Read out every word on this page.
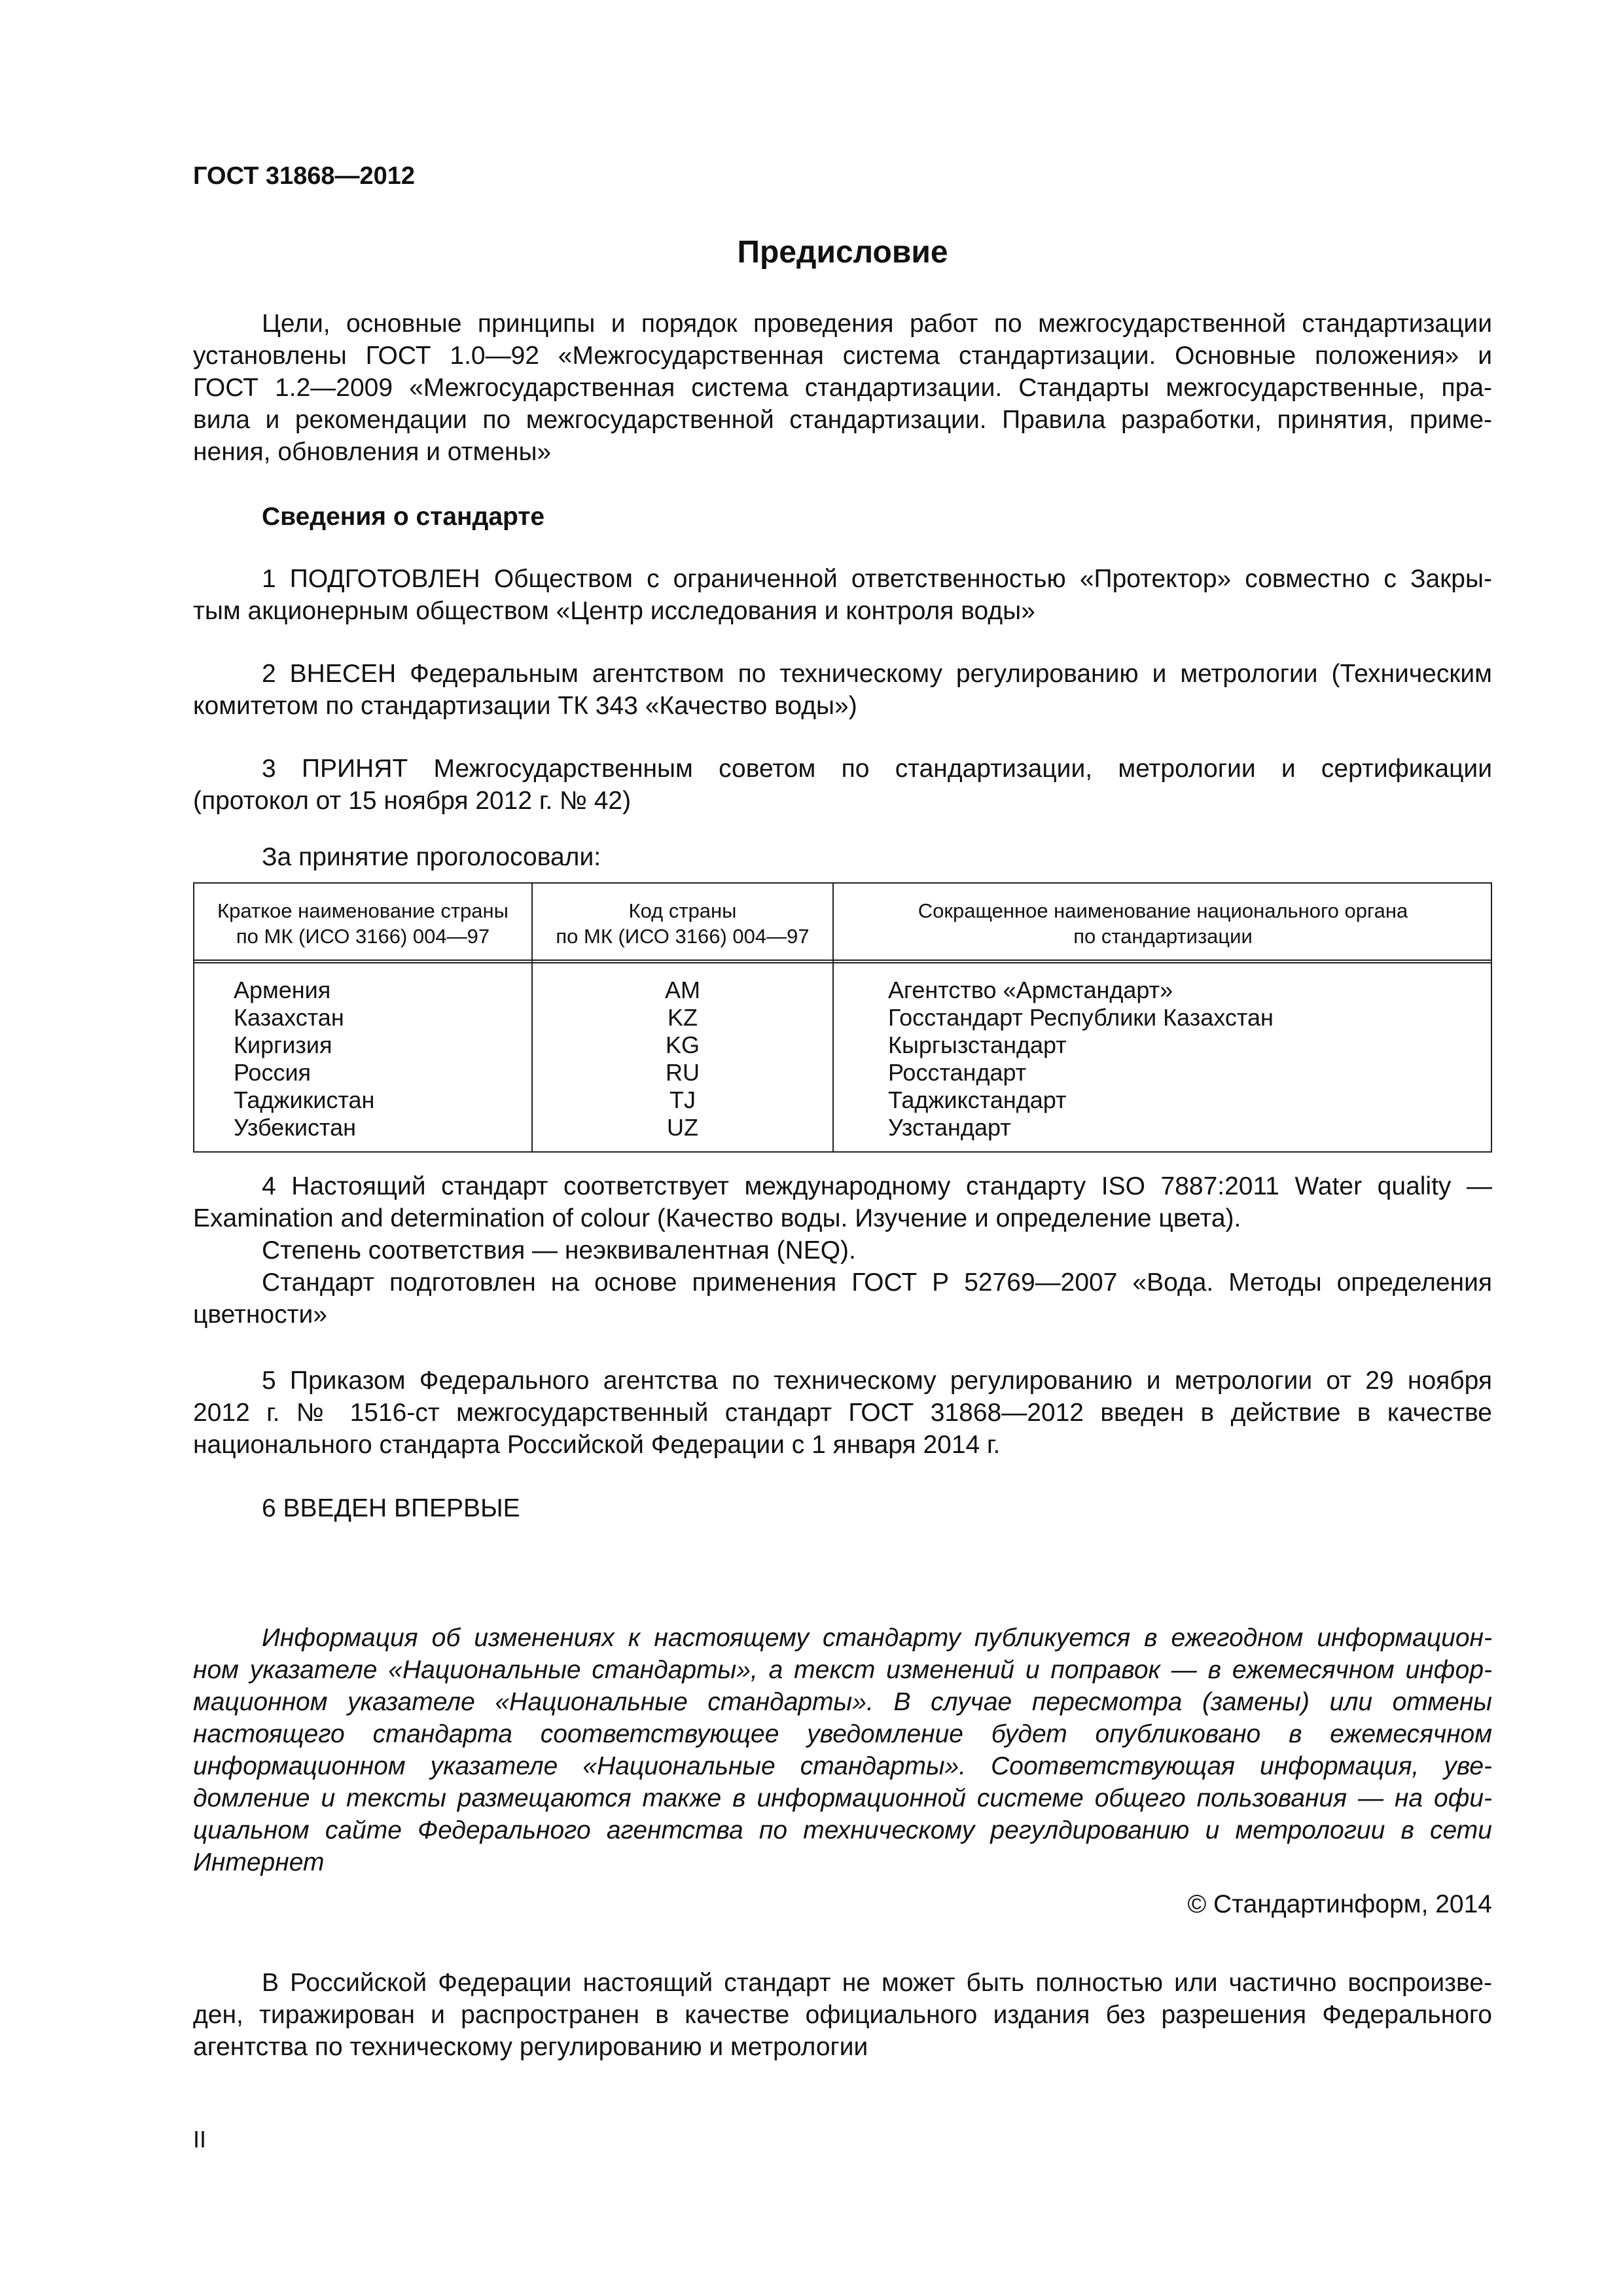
ГОСТ 31868—2012
Предисловие
Цели, основные принципы и порядок проведения работ по межгосударственной стандартизации
установлены ГОСТ 1.0—92 «Межгосударственная система стандартизации. Основные положения» и
ГОСТ 1.2—2009 «Межгосударственная система стандартизации. Стандарты межгосударственные, пра-
вила и рекомендации по межгосударственной стандартизации. Правила разработки, принятия, приме-
нения, обновления и отмены»
Сведения о стандарте
1 ПОДГОТОВЛЕН Обществом с ограниченной ответственностью «Протектор» совместно с Закры-
тым акционерным обществом «Центр исследования и контроля воды»
2 ВНЕСЕН Федеральным агентством по техническому регулированию и метрологии (Техническим
комитетом по стандартизации ТК 343 «Качество воды»)
3 ПРИНЯТ Межгосударственным советом по стандартизации, метрологии и сертификации
(протокол от 15 ноября 2012 г. № 42)
За принятие проголосовали:
Краткое наименование страны
по МК (ИСО 3166) 004—97
Код страны
по МК (ИСО 3166) 004—97
Сокращенное наименование национального органа
по стандартизации
Армения
Казахстан
Киргизия
Россия
Таджикистан
Узбекистан
AM
KZ
KG
RU
TJ
UZ
Агентство «Армстандарт»
Госстандарт Республики Казахстан
Кыргызстандарт
Росстандарт
Таджикстандарт
Узстандарт
4 Настоящий стандарт соответствует международному стандарту ISO 7887:2011 Water quality —
Examination and determination of colour (Качество воды. Изучение и определение цвета).
Степень соответствия — неэквивалентная (NEQ).
Стандарт подготовлен на основе применения ГОСТ Р 52769—2007 «Вода. Методы определения
цветности»
5 Приказом Федерального агентства по техническому регулированию и метрологии от 29 ноября
2012 г. № 1516-ст межгосударственный стандарт ГОСТ 31868—2012 введен в действие в качестве
национального стандарта Российской Федерации с 1 января 2014 г.
6 ВВЕДЕН ВПЕРВЫЕ
Информация об изменениях к настоящему стандарту публикуется в ежегодном информацион-
ном указателе «Национальные стандарты», а текст изменений и поправок — в ежемесячном инфор-
мационном указателе «Национальные стандарты». В случае пересмотра (замены) или отмены
настоящего стандарта соответствующее уведомление будет опубликовано в ежемесячном
информационном указателе «Национальные стандарты». Соответствующая информация, уве-
домление и тексты размещаются также в информационной системе общего пользования — на офи-
циальном сайте Федерального агентства по техническому регулдированию и метрологии в сети
Интернет
© Стандартинформ, 2014
В Российской Федерации настоящий стандарт не может быть полностью или частично воспроизве-
ден, тиражирован и распространен в качестве официального издания без разрешения Федерального
агентства по техническому регулированию и метрологии
II
